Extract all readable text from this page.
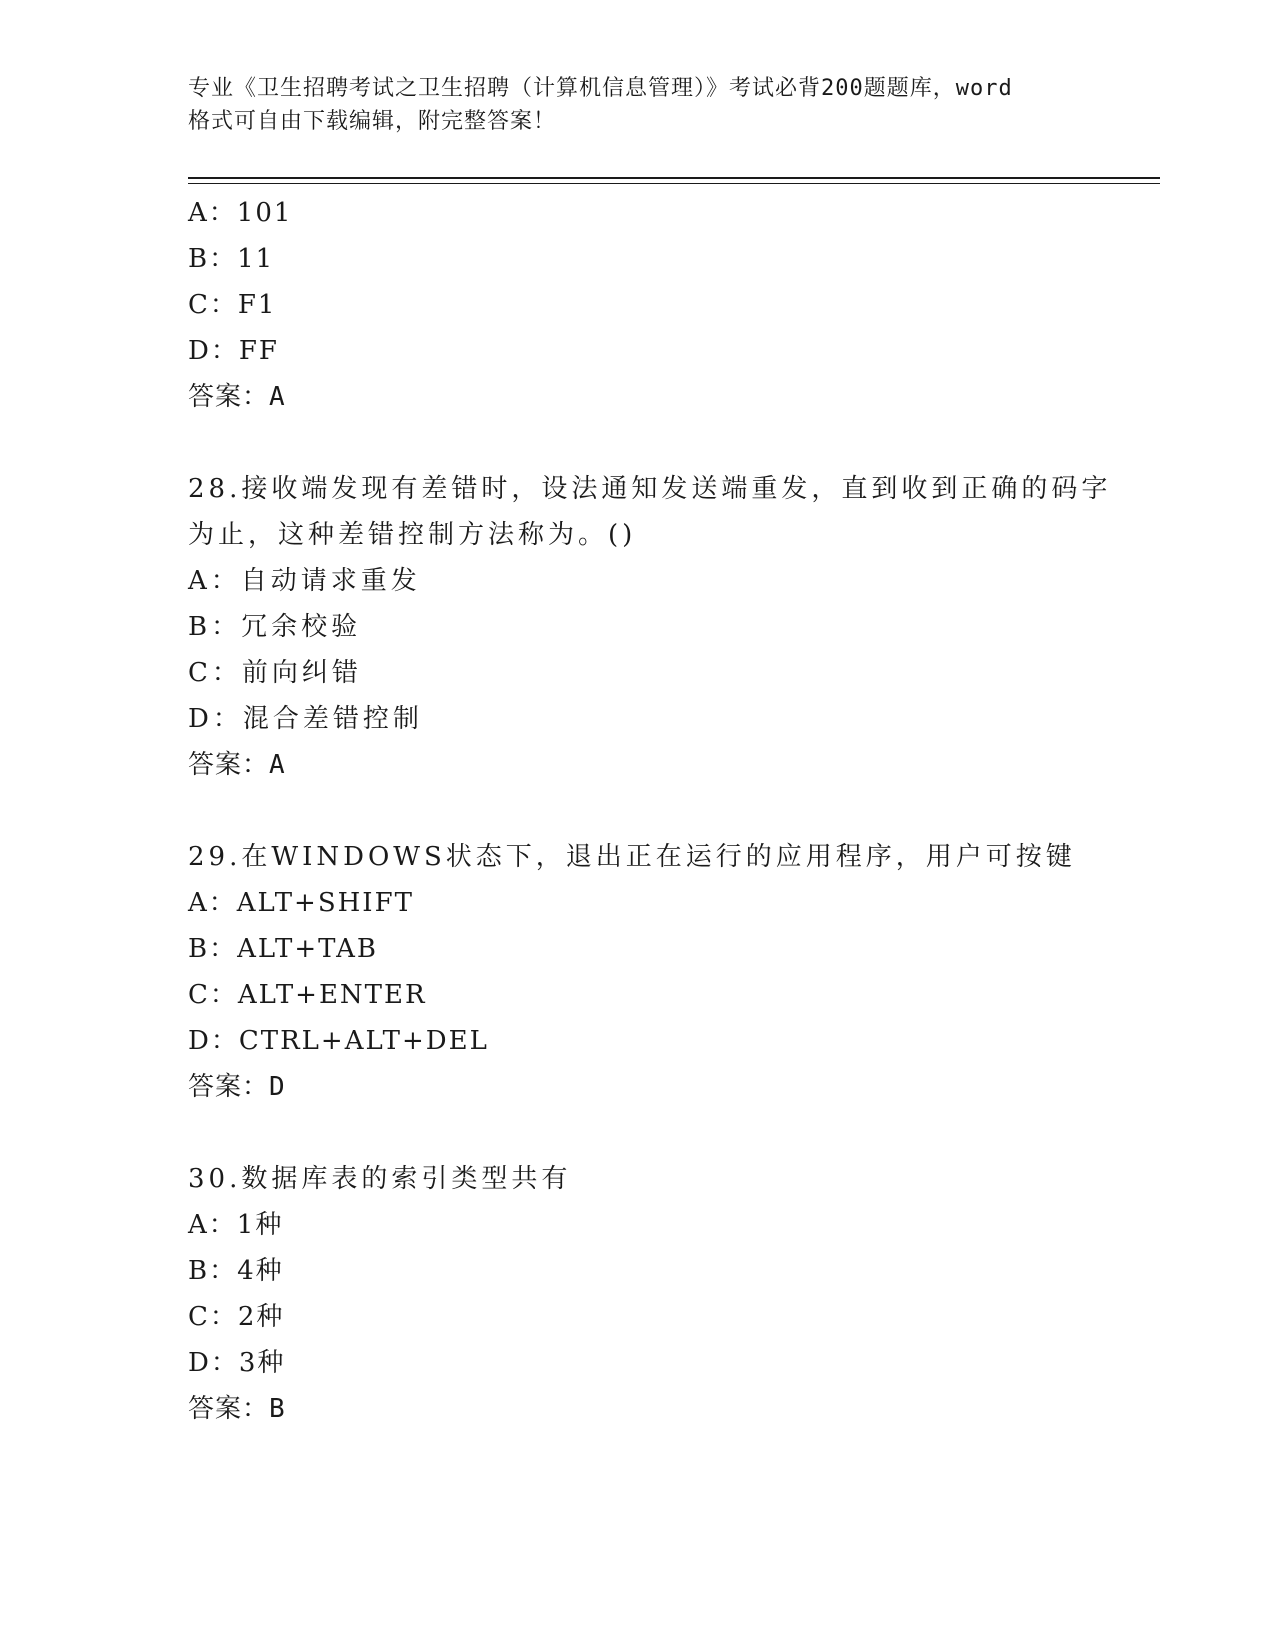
专业《卫生招聘考试之卫生招聘（计算机信息管理）》考试必背200题题库，word
格式可自由下载编辑，附完整答案！
A：101
B：11
C：F1
D：FF
答案：A
28.接收端发现有差错时，设法通知发送端重发，直到收到正确的码字
为止，这种差错控制方法称为。()
A：自动请求重发
B：冗余校验
C：前向纠错
D：混合差错控制
答案：A
29.在WINDOWS状态下，退出正在运行的应用程序，用户可按键
A：ALT+SHIFT
B：ALT+TAB
C：ALT+ENTER
D：CTRL+ALT+DEL
答案：D
30.数据库表的索引类型共有
A：1种
B：4种
C：2种
D：3种
答案：B
